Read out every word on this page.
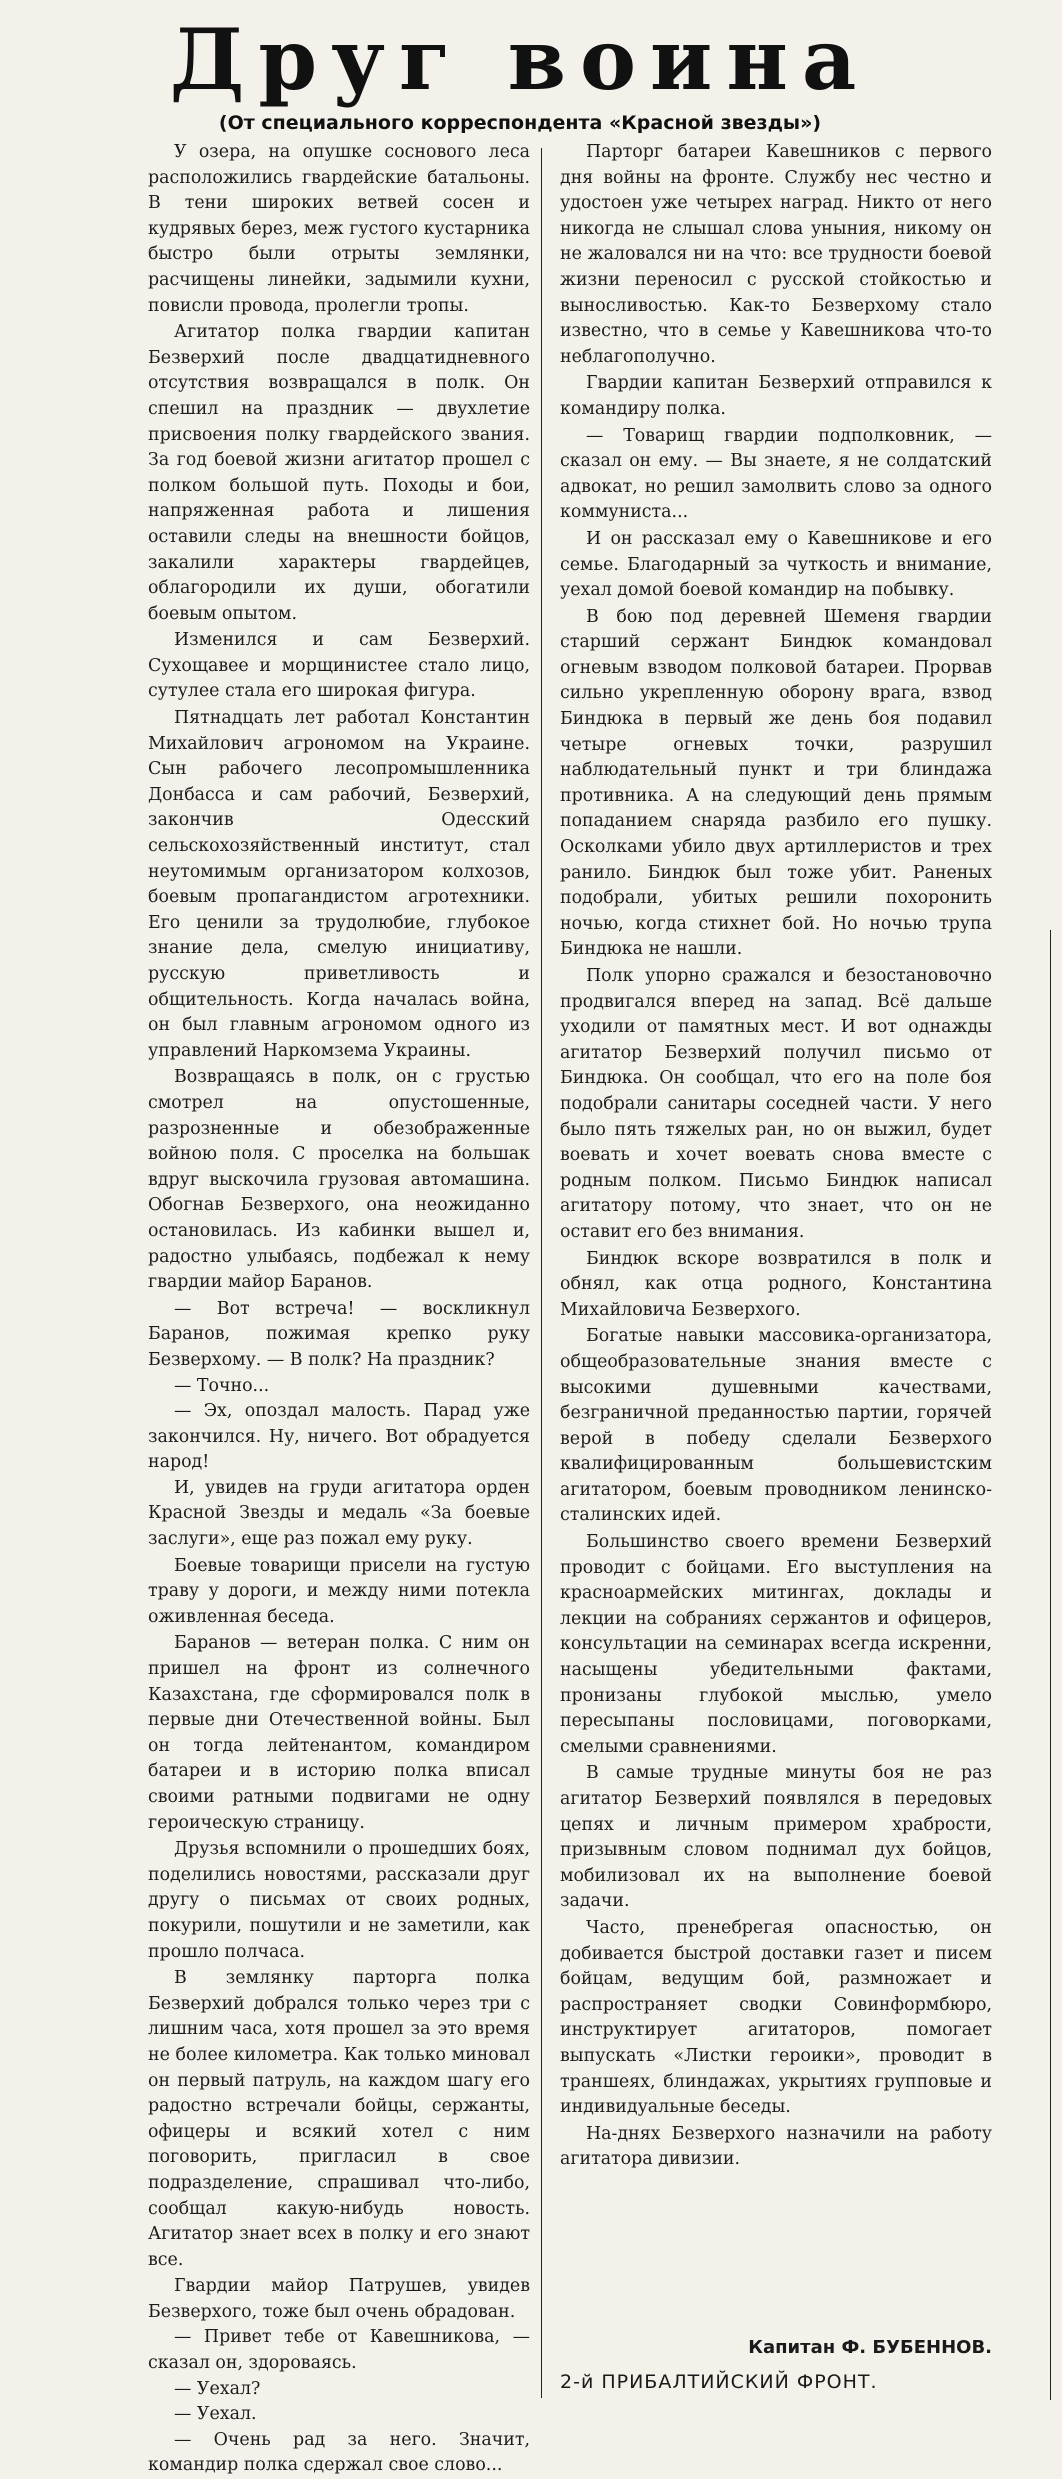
Друг воина
(От специального корреспондента «Красной звезды»)

У озера, на опушке соснового леса расположились гвардейские батальоны. В тени широких ветвей сосен и кудрявых берез, меж густого кустарника быстро были отрыты землянки, расчищены линейки, задымили кухни, повисли провода, пролегли тропы.

Агитатор полка гвардии капитан Безверхий после двадцатидневного отсутствия возвращался в полк. Он спешил на праздник — двухлетие присвоения полку гвардейского звания. За год боевой жизни агитатор прошел с полком большой путь. Походы и бои, напряженная работа и лишения оставили следы на внешности бойцов, закалили характеры гвардейцев, облагородили их души, обогатили боевым опытом.

Изменился и сам Безверхий. Сухощавее и морщинистее стало лицо, сутулее стала его широкая фигура.

Пятнадцать лет работал Константин Михайлович агрономом на Украине. Сын рабочего лесопромышленника Донбасса и сам рабочий, Безверхий, закончив Одесский сельскохозяйственный институт, стал неутомимым организатором колхозов, боевым пропагандистом агротехники. Его ценили за трудолюбие, глубокое знание дела, смелую инициативу, русскую приветливость и общительность. Когда началась война, он был главным агрономом одного из управлений Наркомзема Украины.

Возвращаясь в полк, он с грустью смотрел на опустошенные, разрозненные и обезображенные войною поля. С проселка на большак вдруг выскочила грузовая автомашина. Обогнав Безверхого, она неожиданно остановилась. Из кабинки вышел и, радостно улыбаясь, подбежал к нему гвардии майор Баранов.

— Вот встреча! — воскликнул Баранов, пожимая крепко руку Безверхому. — В полк? На праздник?

— Точно...

— Эх, опоздал малость. Парад уже закончился. Ну, ничего. Вот обрадуется народ!

И, увидев на груди агитатора орден Красной Звезды и медаль «За боевые заслуги», еще раз пожал ему руку.

Боевые товарищи присели на густую траву у дороги, и между ними потекла оживленная беседа.

Баранов — ветеран полка. С ним он пришел на фронт из солнечного Казахстана, где сформировался полк в первые дни Отечественной войны. Был он тогда лейтенантом, командиром батареи и в историю полка вписал своими ратными подвигами не одну героическую страницу.

Друзья вспомнили о прошедших боях, поделились новостями, рассказали друг другу о письмах от своих родных, покурили, пошутили и не заметили, как прошло полчаса.

В землянку парторга полка Безверхий добрался только через три с лишним часа, хотя прошел за это время не более километра. Как только миновал он первый патруль, на каждом шагу его радостно встречали бойцы, сержанты, офицеры и всякий хотел с ним поговорить, пригласил в свое подразделение, спрашивал что-либо, сообщал какую-нибудь новость. Агитатор знает всех в полку и его знают все.

Гвардии майор Патрушев, увидев Безверхого, тоже был очень обрадован.

— Привет тебе от Кавешникова, — сказал он, здороваясь.

— Уехал?

— Уехал.

— Очень рад за него. Значит, командир полка сдержал свое слово...

Парторг батареи Кавешников с первого дня войны на фронте. Службу нес честно и удостоен уже четырех наград. Никто от него никогда не слышал слова уныния, никому он не жаловался ни на что: все трудности боевой жизни переносил с русской стойкостью и выносливостью. Как-то Безверхому стало известно, что в семье у Кавешникова что-то неблагополучно.

Гвардии капитан Безверхий отправился к командиру полка.

— Товарищ гвардии подполковник, — сказал он ему. — Вы знаете, я не солдатский адвокат, но решил замолвить слово за одного коммуниста...

И он рассказал ему о Кавешникове и его семье. Благодарный за чуткость и внимание, уехал домой боевой командир на побывку.

В бою под деревней Шеменя гвардии старший сержант Биндюк командовал огневым взводом полковой батареи. Прорвав сильно укрепленную оборону врага, взвод Биндюка в первый же день боя подавил четыре огневых точки, разрушил наблюдательный пункт и три блиндажа противника. А на следующий день прямым попаданием снаряда разбило его пушку. Осколками убило двух артиллеристов и трех ранило. Биндюк был тоже убит. Раненых подобрали, убитых решили похоронить ночью, когда стихнет бой. Но ночью трупа Биндюка не нашли.

Полк упорно сражался и безостановочно продвигался вперед на запад. Всё дальше уходили от памятных мест. И вот однажды агитатор Безверхий получил письмо от Биндюка. Он сообщал, что его на поле боя подобрали санитары соседней части. У него было пять тяжелых ран, но он выжил, будет воевать и хочет воевать снова вместе с родным полком. Письмо Биндюк написал агитатору потому, что знает, что он не оставит его без внимания.

Биндюк вскоре возвратился в полк и обнял, как отца родного, Константина Михайловича Безверхого.

Богатые навыки массовика-организатора, общеобразовательные знания вместе с высокими душевными качествами, безграничной преданностью партии, горячей верой в победу сделали Безверхого квалифицированным большевистским агитатором, боевым проводником ленинско-сталинских идей.

Большинство своего времени Безверхий проводит с бойцами. Его выступления на красноармейских митингах, доклады и лекции на собраниях сержантов и офицеров, консультации на семинарах всегда искренни, насыщены убедительными фактами, пронизаны глубокой мыслью, умело пересыпаны пословицами, поговорками, смелыми сравнениями.

В самые трудные минуты боя не раз агитатор Безверхий появлялся в передовых цепях и личным примером храбрости, призывным словом поднимал дух бойцов, мобилизовал их на выполнение боевой задачи.

Часто, пренебрегая опасностью, он добивается быстрой доставки газет и писем бойцам, ведущим бой, размножает и распространяет сводки Совинформбюро, инструктирует агитаторов, помогает выпускать «Листки героики», проводит в траншеях, блиндажах, укрытиях групповые и индивидуальные беседы.

На-днях Безверхого назначили на работу агитатора дивизии.

Капитан Ф. БУБЕННОВ.
2-й ПРИБАЛТИЙСКИЙ ФРОНТ.
